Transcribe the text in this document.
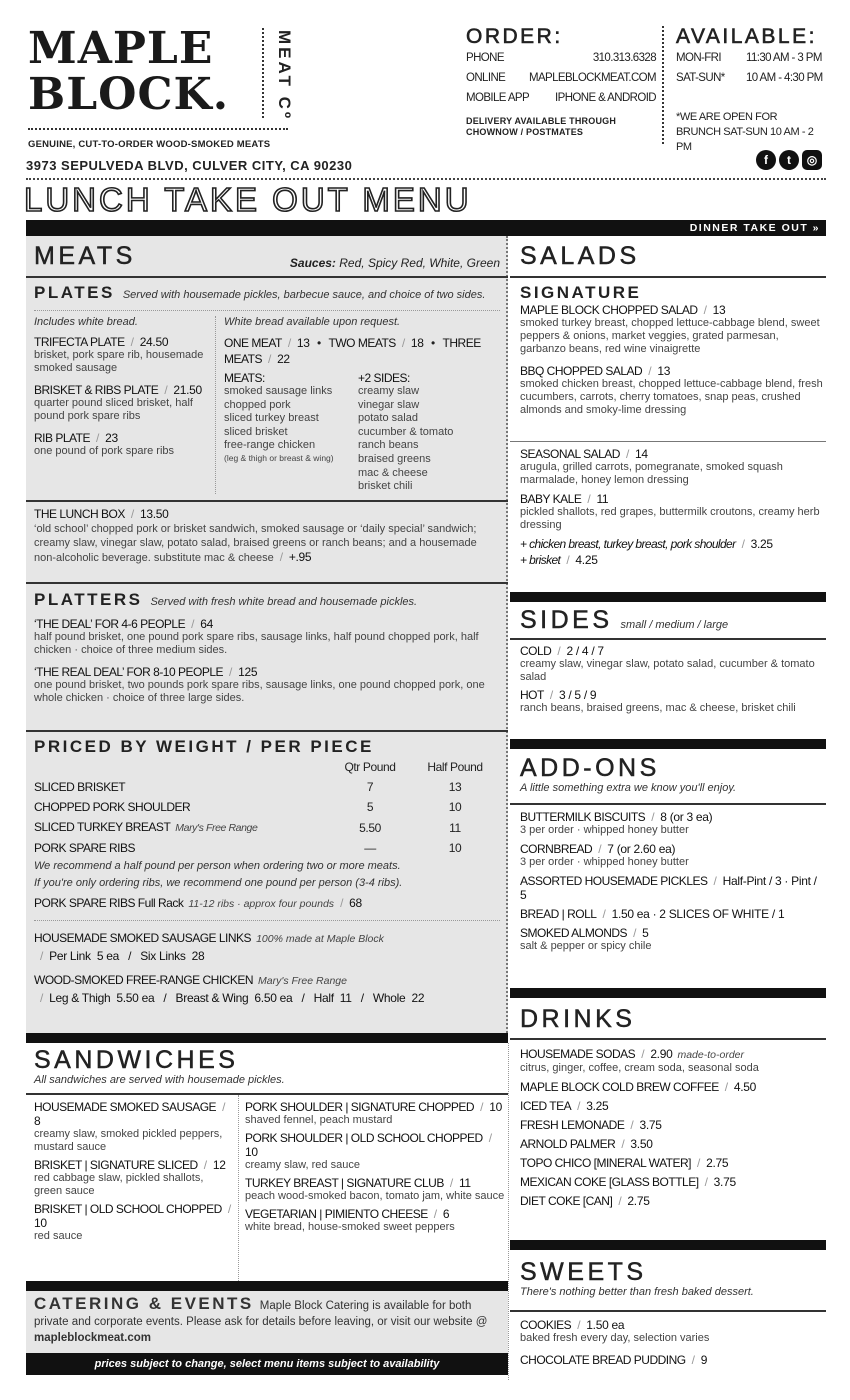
MAPLE
BLOCK.	MEAT Cº
GENUINE, CUT-TO-ORDER WOOD-SMOKED MEATS
3973 SEPULVEDA BLVD, CULVER CITY, CA 90230
ORDER:
PHONE	310.313.6328
ONLINE	MAPLEBLOCKMEAT.COM
MOBILE APP IPHONE & ANDROID
DELIVERY AVAILABLE THROUGH CHOWNOW / POSTMATES
AVAILABLE:
MON-FRI	11:30 AM - 3 PM
SAT-SUN*	10 AM - 4:30 PM
*WE ARE OPEN FOR BRUNCH SAT-SUN 10 AM - 2 PM
f	t	◎
LUNCH TAKE OUT MENU
DINNER TAKE OUT »
MEATS	Sauces: Red, Spicy Red, White, Green
PLATES Served with housemade pickles, barbecue sauce, and choice of two sides.
Includes white bread.
TRIFECTA PLATE / 24.50
brisket, pork spare rib, housemade smoked sausage
BRISKET & RIBS PLATE / 21.50
quarter pound sliced brisket, half pound pork spare ribs
RIB PLATE / 23
one pound of pork spare ribs
White bread available upon request.
ONE MEAT / 13 • TWO MEATS / 18 • THREE MEATS / 22
MEATS:
smoked sausage links
chopped pork
sliced turkey breast
sliced brisket
free-range chicken
(leg & thigh or breast & wing)
+2 SIDES:
creamy slaw
vinegar slaw
potato salad
cucumber & tomato
ranch beans
braised greens
mac & cheese
brisket chili
THE LUNCH BOX / 13.50
‘old school’ chopped pork or brisket sandwich, smoked sausage or ‘daily special’ sandwich; creamy slaw, vinegar slaw, potato salad, braised greens or ranch beans; and a housemade non-alcoholic beverage. substitute mac & cheese / +.95
PLATTERS Served with fresh white bread and housemade pickles.
‘THE DEAL’ FOR 4-6 PEOPLE / 64
half pound brisket, one pound pork spare ribs, sausage links, half pound chopped pork, half chicken · choice of three medium sides.
‘THE REAL DEAL’ FOR 8-10 PEOPLE / 125
one pound brisket, two pounds pork spare ribs, sausage links, one pound chopped pork, one whole chicken · choice of three large sides.
PRICED BY WEIGHT / PER PIECE
	Qtr Pound	Half Pound
SLICED BRISKET	7	13
CHOPPED PORK SHOULDER	5	10
SLICED TURKEY BREAST Mary's Free Range	5.50	11
PORK SPARE RIBS	—	10
We recommend a half pound per person when ordering two or more meats.
If you're only ordering ribs, we recommend one pound per person (3-4 ribs).
PORK SPARE RIBS Full Rack 11-12 ribs · approx four pounds / 68
HOUSEMADE SMOKED SAUSAGE LINKS 100% made at Maple Block
/ Per Link  5 ea   /   Six Links  28
WOOD-SMOKED FREE-RANGE CHICKEN Mary's Free Range
/ Leg & Thigh  5.50 ea   /   Breast & Wing  6.50 ea   /   Half  11   /   Whole  22
SANDWICHES
All sandwiches are served with housemade pickles.
HOUSEMADE SMOKED SAUSAGE/ 8
creamy slaw, smoked pickled peppers, mustard sauce
BRISKET | SIGNATURE SLICED / 12
red cabbage slaw, pickled shallots, green sauce
BRISKET | OLD SCHOOL CHOPPED/ 10
red sauce
PORK SHOULDER | SIGNATURE CHOPPED / 10
shaved fennel, peach mustard
PORK SHOULDER | OLD SCHOOL CHOPPED/ 10
creamy slaw, red sauce
TURKEY BREAST | SIGNATURE CLUB / 11
peach wood-smoked bacon, tomato jam, white sauce
VEGETARIAN | PIMIENTO CHEESE / 6
white bread, house-smoked sweet peppers
CATERING & EVENTS Maple Block Catering is available for both private and corporate events. Please ask for details before leaving, or visit our website @ mapleblockmeat.com
prices subject to change, select menu items subject to availability
SALADS
SIGNATURE
MAPLE BLOCK CHOPPED SALAD / 13
smoked turkey breast, chopped lettuce-cabbage blend, sweet peppers & onions, market veggies, grated parmesan, garbanzo beans, red wine vinaigrette
BBQ CHOPPED SALAD / 13
smoked chicken breast, chopped lettuce-cabbage blend, fresh cucumbers, carrots, cherry tomatoes, snap peas, crushed almonds and smoky-lime dressing
SEASONAL SALAD / 14
arugula, grilled carrots, pomegranate, smoked squash marmalade, honey lemon dressing
BABY KALE / 11
pickled shallots, red grapes, buttermilk croutons, creamy herb dressing
+ chicken breast, turkey breast, pork shoulder / 3.25
+ brisket / 4.25
SIDES small / medium / large
COLD / 2 / 4 / 7
creamy slaw, vinegar slaw, potato salad, cucumber & tomato salad
HOT / 3 / 5 / 9
ranch beans, braised greens, mac & cheese, brisket chili
ADD-ONS
A little something extra we know you'll enjoy.
BUTTERMILK BISCUITS / 8 (or 3 ea)
3 per order · whipped honey butter
CORNBREAD / 7 (or 2.60 ea)
3 per order · whipped honey butter
ASSORTED HOUSEMADE PICKLES / Half-Pint / 3 · Pint / 5
BREAD | ROLL / 1.50 ea · 2 SLICES OF WHITE / 1
SMOKED ALMONDS / 5
salt & pepper or spicy chile
DRINKS
HOUSEMADE SODAS / 2.90 made-to-order
citrus, ginger, coffee, cream soda, seasonal soda
MAPLE BLOCK COLD BREW COFFEE / 4.50
ICED TEA / 3.25
FRESH LEMONADE / 3.75
ARNOLD PALMER / 3.50
TOPO CHICO [MINERAL WATER] / 2.75
MEXICAN COKE [GLASS BOTTLE] / 3.75
DIET COKE [CAN] / 2.75
SWEETS
There's nothing better than fresh baked dessert.
COOKIES / 1.50 ea
baked fresh every day, selection varies
CHOCOLATE BREAD PUDDING / 9
